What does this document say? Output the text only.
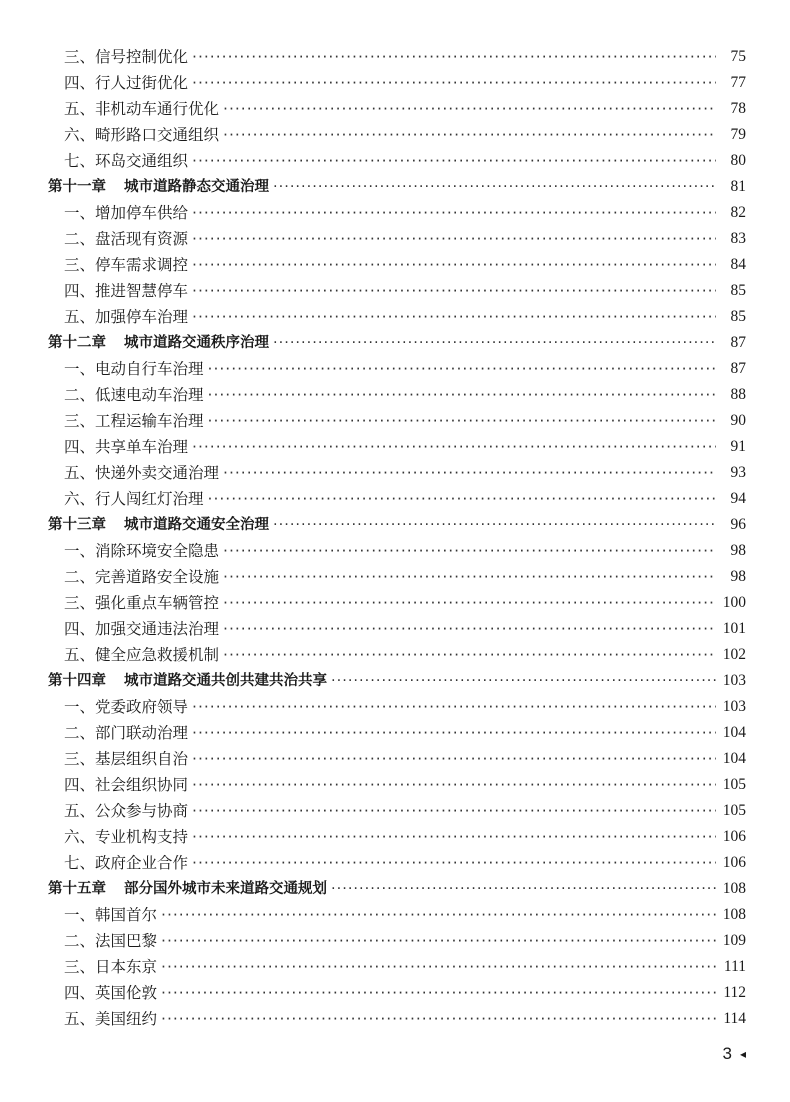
三、信号控制优化 ·····	75
四、行人过街优化 ·····	77
五、非机动车通行优化 ·····	78
六、畸形路口交通组织 ·····	79
七、环岛交通组织 ·····	80
第十一章 城市道路静态交通治理 ·····	81
一、增加停车供给 ·····	82
二、盘活现有资源 ·····	83
三、停车需求调控 ·····	84
四、推进智慧停车 ·····	85
五、加强停车治理 ·····	85
第十二章 城市道路交通秩序治理 ·····	87
一、电动自行车治理 ·····	87
二、低速电动车治理 ·····	88
三、工程运输车治理 ·····	90
四、共享单车治理 ·····	91
五、快递外卖交通治理 ·····	93
六、行人闯红灯治理 ·····	94
第十三章 城市道路交通安全治理 ·····	96
一、消除环境安全隐患 ·····	98
二、完善道路安全设施 ·····	98
三、强化重点车辆管控 ·····	100
四、加强交通违法治理 ·····	101
五、健全应急救援机制 ·····	102
第十四章 城市道路交通共创共建共治共享 ·····	103
一、党委政府领导 ·····	103
二、部门联动治理 ·····	104
三、基层组织自治 ·····	104
四、社会组织协同 ·····	105
五、公众参与协商 ·····	105
六、专业机构支持 ·····	106
七、政府企业合作 ·····	106
第十五章 部分国外城市未来道路交通规划 ·····	108
一、韩国首尔 ·····	108
二、法国巴黎 ·····	109
三、日本东京 ·····	111
四、英国伦敦 ·····	112
五、美国纽约 ·····	114
3 ◂
